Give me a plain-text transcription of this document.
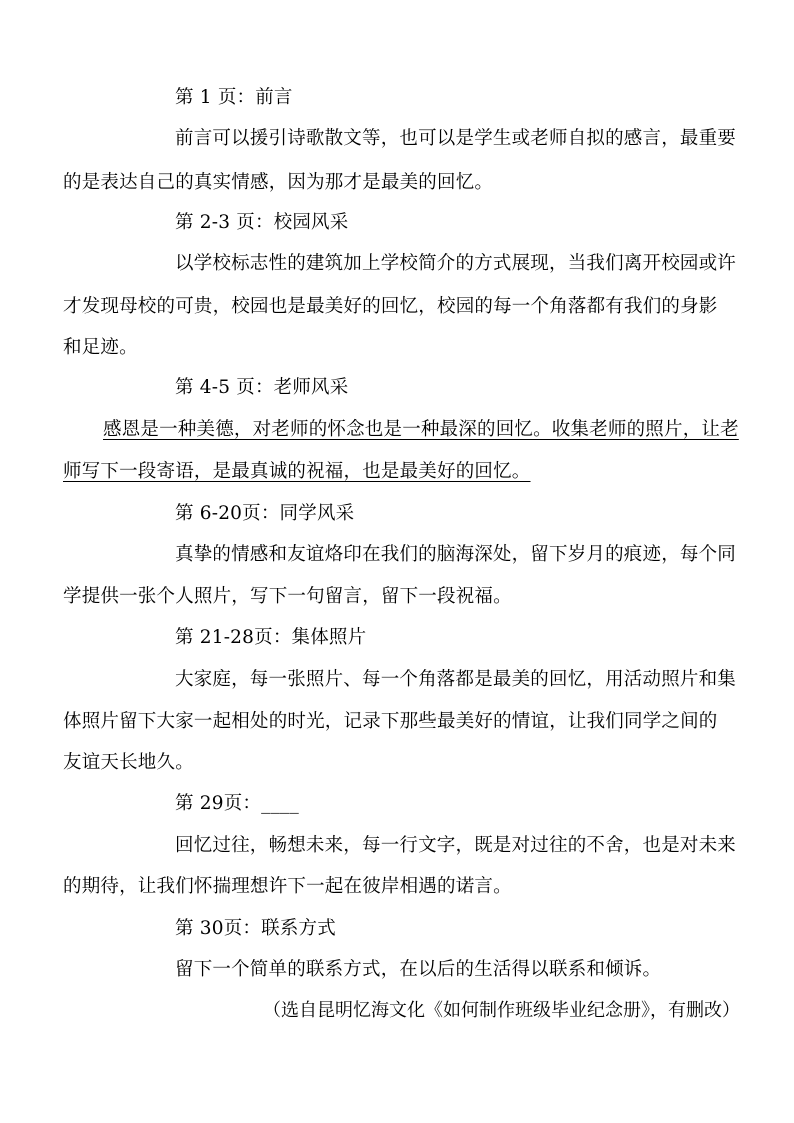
第 1 页：前言
前言可以援引诗歌散文等，也可以是学生或老师自拟的感言，最重要
的是表达自己的真实情感，因为那才是最美的回忆。
第 2-3 页：校园风采
以学校标志性的建筑加上学校简介的方式展现，当我们离开校园或许
才发现母校的可贵，校园也是最美好的回忆，校园的每一个角落都有我们的身影
和足迹。
第 4-5 页：老师风采
感恩是一种美德，对老师的怀念也是一种最深的回忆。收集老师的照片，让老
师写下一段寄语，是最真诚的祝福，也是最美好的回忆。
第 6-20页：同学风采
真挚的情感和友谊烙印在我们的脑海深处，留下岁月的痕迹，每个同
学提供一张个人照片，写下一句留言，留下一段祝福。
第 21-28页：集体照片
大家庭，每一张照片、每一个角落都是最美的回忆，用活动照片和集
体照片留下大家一起相处的时光，记录下那些最美好的情谊，让我们同学之间的
友谊天长地久。
第 29页：____
回忆过往，畅想未来，每一行文字，既是对过往的不舍，也是对未来
的期待，让我们怀揣理想许下一起在彼岸相遇的诺言。
第 30页：联系方式
留下一个简单的联系方式，在以后的生活得以联系和倾诉。
（选自昆明忆海文化《如何制作班级毕业纪念册》，有删改）
